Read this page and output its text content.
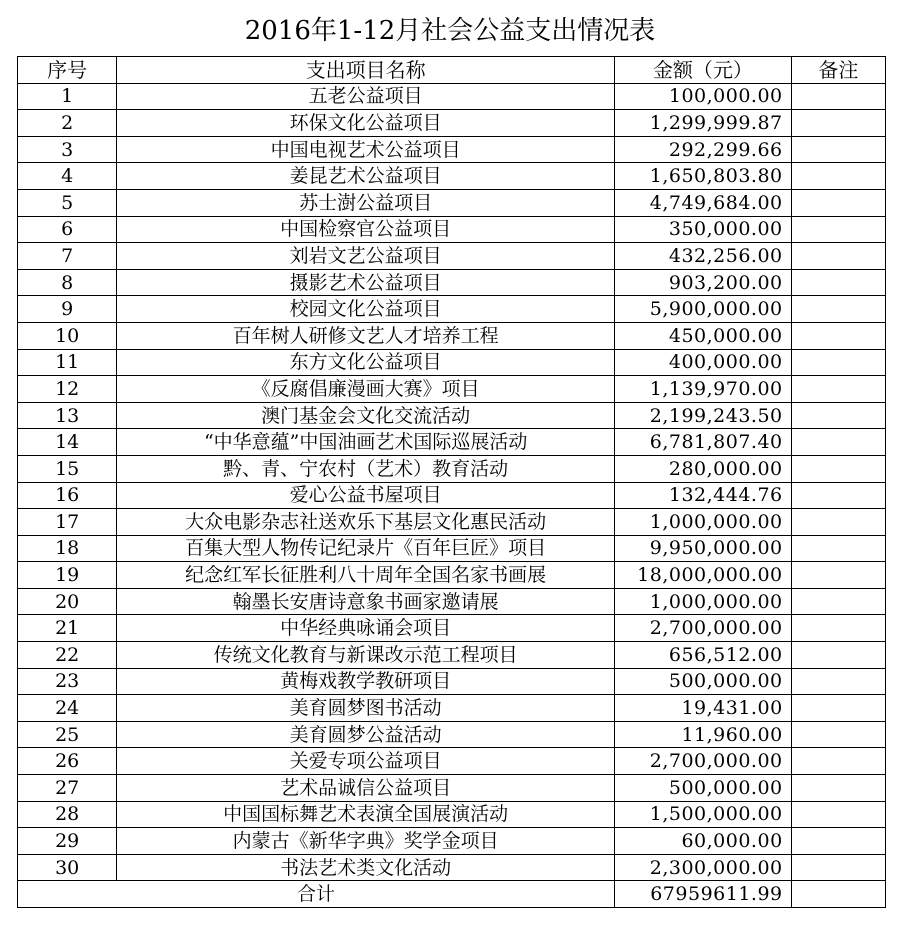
2016年1-12月社会公益支出情况表
序号	支出项目名称	金额（元）	备注
1	五老公益项目	100,000.00	
2	环保文化公益项目	1,299,999.87	
3	中国电视艺术公益项目	292,299.66	
4	姜昆艺术公益项目	1,650,803.80	
5	苏士澍公益项目	4,749,684.00	
6	中国检察官公益项目	350,000.00	
7	刘岩文艺公益项目	432,256.00	
8	摄影艺术公益项目	903,200.00	
9	校园文化公益项目	5,900,000.00	
10	百年树人研修文艺人才培养工程	450,000.00	
11	东方文化公益项目	400,000.00	
12	《反腐倡廉漫画大赛》项目	1,139,970.00	
13	澳门基金会文化交流活动	2,199,243.50	
14	“中华意蕴”中国油画艺术国际巡展活动	6,781,807.40	
15	黔、青、宁农村（艺术）教育活动	280,000.00	
16	爱心公益书屋项目	132,444.76	
17	大众电影杂志社送欢乐下基层文化惠民活动	1,000,000.00	
18	百集大型人物传记纪录片《百年巨匠》项目	9,950,000.00	
19	纪念红军长征胜利八十周年全国名家书画展	18,000,000.00	
20	翰墨长安唐诗意象书画家邀请展	1,000,000.00	
21	中华经典咏诵会项目	2,700,000.00	
22	传统文化教育与新课改示范工程项目	656,512.00	
23	黄梅戏教学教研项目	500,000.00	
24	美育圆梦图书活动	19,431.00	
25	美育圆梦公益活动	11,960.00	
26	关爱专项公益项目	2,700,000.00	
27	艺术品诚信公益项目	500,000.00	
28	中国国标舞艺术表演全国展演活动	1,500,000.00	
29	内蒙古《新华字典》奖学金项目	60,000.00	
30	书法艺术类文化活动	2,300,000.00	
合计		67959611.99	
